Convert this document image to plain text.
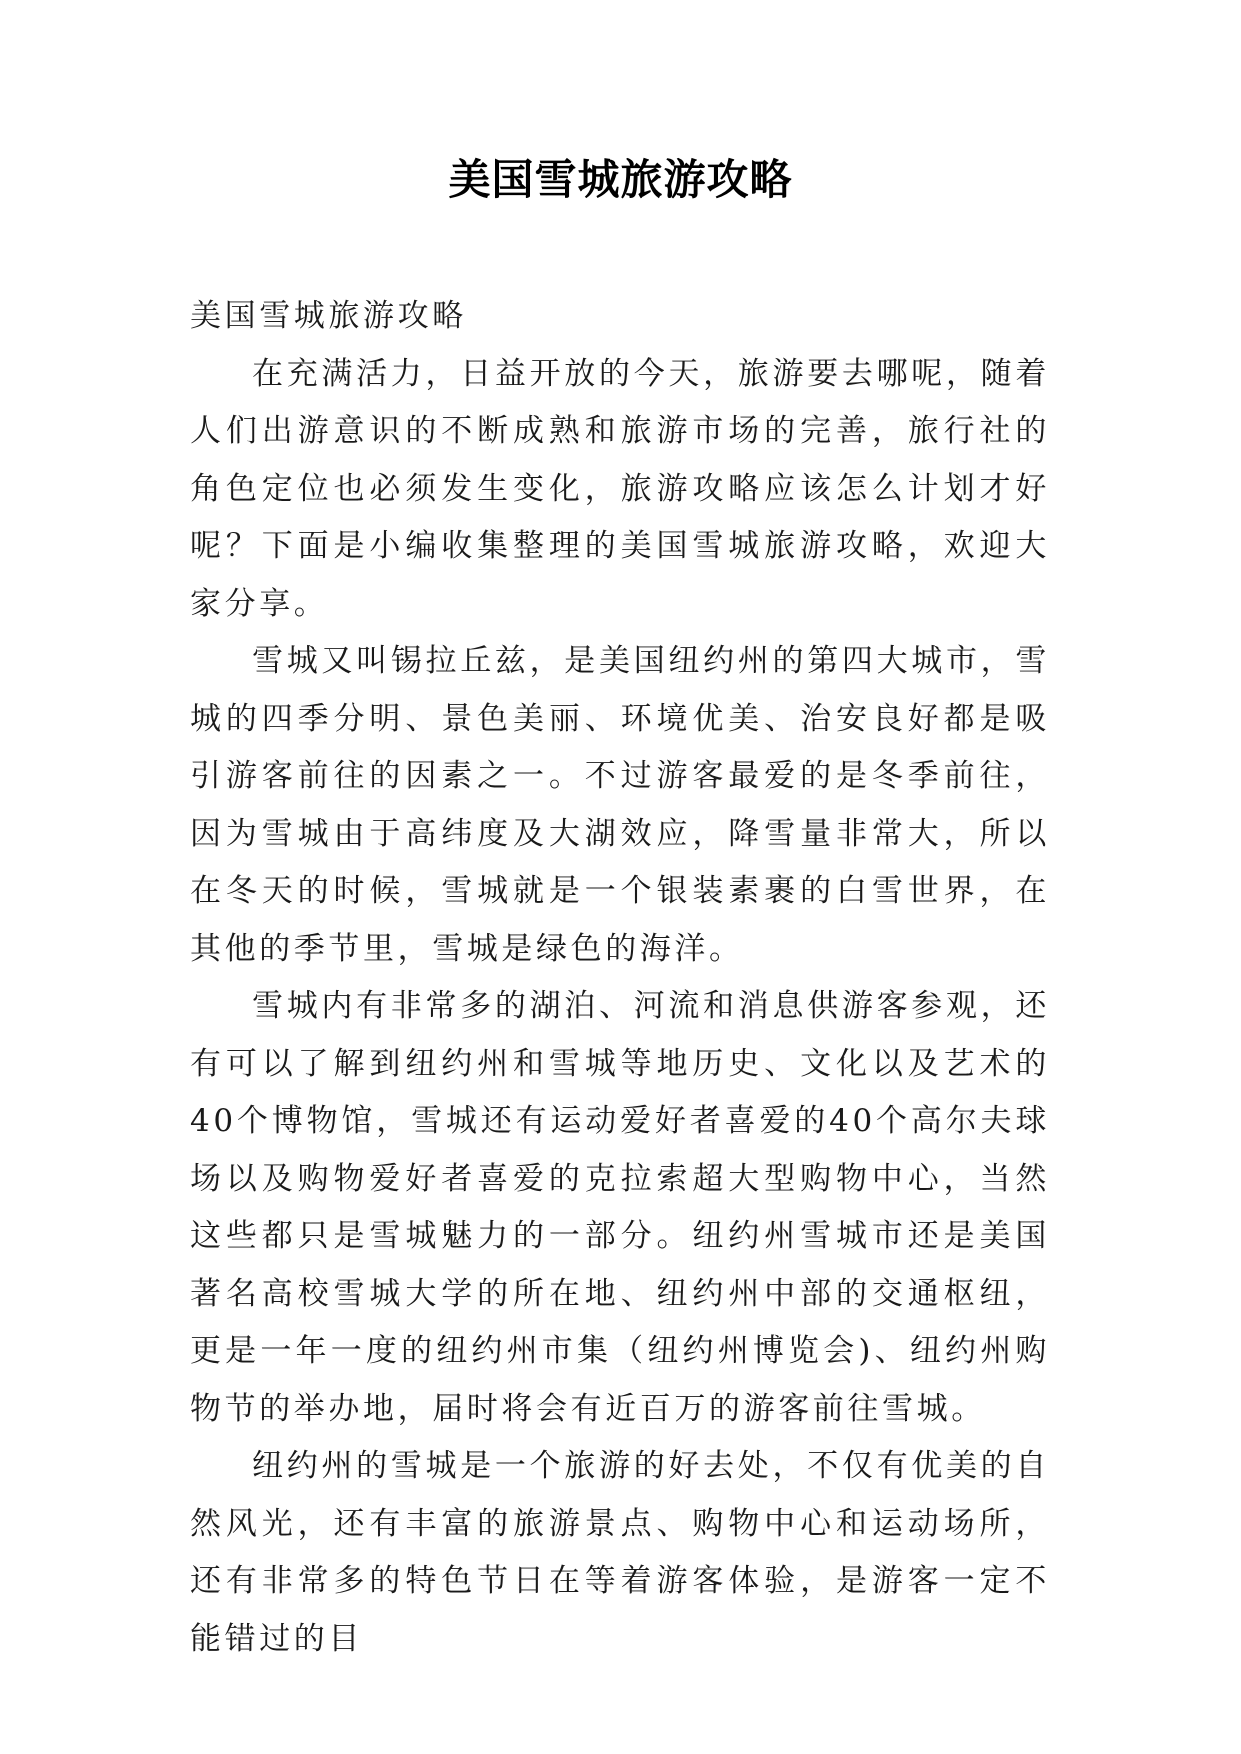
美国雪城旅游攻略

美国雪城旅游攻略

在充满活力，日益开放的今天，旅游要去哪呢，随着人们出游意识的不断成熟和旅游市场的完善，旅行社的角色定位也必须发生变化，旅游攻略应该怎么计划才好呢？下面是小编收集整理的美国雪城旅游攻略，欢迎大家分享。

雪城又叫锡拉丘兹，是美国纽约州的第四大城市，雪城的四季分明、景色美丽、环境优美、治安良好都是吸引游客前往的因素之一。不过游客最爱的是冬季前往，因为雪城由于高纬度及大湖效应，降雪量非常大，所以在冬天的时候，雪城就是一个银装素裹的白雪世界，在其他的季节里，雪城是绿色的海洋。

雪城内有非常多的湖泊、河流和消息供游客参观，还有可以了解到纽约州和雪城等地历史、文化以及艺术的40个博物馆，雪城还有运动爱好者喜爱的40个高尔夫球场以及购物爱好者喜爱的克拉索超大型购物中心，当然这些都只是雪城魅力的一部分。纽约州雪城市还是美国著名高校雪城大学的所在地、纽约州中部的交通枢纽，更是一年一度的纽约州市集（纽约州博览会)、纽约州购物节的举办地，届时将会有近百万的游客前往雪城。

纽约州的雪城是一个旅游的好去处，不仅有优美的自然风光，还有丰富的旅游景点、购物中心和运动场所，还有非常多的特色节日在等着游客体验，是游客一定不能错过的目
